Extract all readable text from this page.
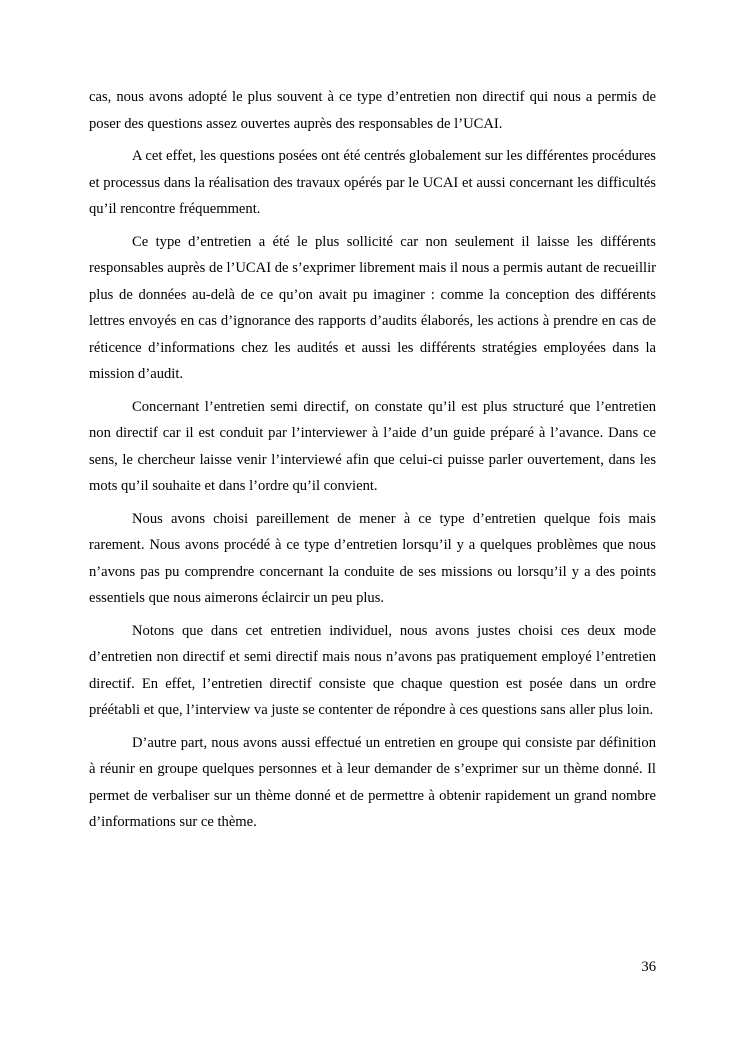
cas, nous avons adopté le plus souvent à ce type d’entretien non directif qui nous a permis de poser des questions assez ouvertes auprès des responsables de l’UCAI.

A cet effet, les questions posées ont été centrés globalement sur les différentes procédures et processus dans la réalisation des travaux opérés par le UCAI et aussi concernant les difficultés qu’il rencontre fréquemment.

Ce type d’entretien a été le plus sollicité car non seulement il laisse les différents responsables auprès de l’UCAI de s’exprimer librement mais il nous a permis autant de recueillir plus de données au-delà de ce qu’on avait pu imaginer : comme la conception des différents lettres envoyés en cas d’ignorance des rapports d’audits élaborés, les actions à prendre en cas de réticence d’informations chez les audités et aussi les différents stratégies employées dans la mission d’audit.

Concernant l’entretien semi directif, on constate qu’il est plus structuré que l’entretien non directif car il est conduit par l’interviewer à l’aide d’un guide préparé à l’avance. Dans ce sens, le chercheur laisse venir l’interviewé afin que celui-ci puisse parler ouvertement, dans les mots qu’il souhaite et dans l’ordre qu’il convient.

Nous avons choisi pareillement de mener à ce type d’entretien quelque fois mais rarement. Nous avons procédé à ce type d’entretien lorsqu’il y a quelques problèmes que nous n’avons pas pu comprendre concernant la conduite de ses missions ou lorsqu’il y a des points essentiels que nous aimerons éclaircir un peu plus.

Notons que dans cet entretien individuel, nous avons justes choisi ces deux mode d’entretien non directif et semi directif mais nous n’avons pas pratiquement employé l’entretien directif. En effet, l’entretien directif consiste que chaque question est posée dans un ordre préétabli et que, l’interview va juste se contenter de répondre à ces questions sans aller plus loin.

D’autre part, nous avons aussi effectué un entretien en groupe qui consiste par définition à réunir en groupe quelques personnes et à leur demander de s’exprimer sur un thème donné. Il permet de verbaliser sur un thème donné et de permettre à obtenir rapidement un grand nombre d’informations sur ce thème.

36
